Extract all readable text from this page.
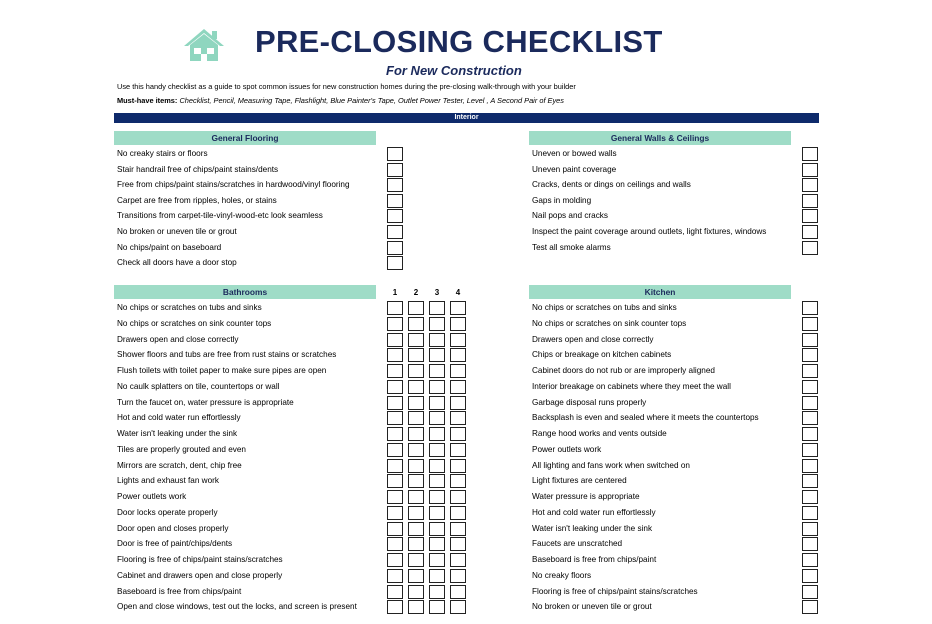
PRE-CLOSING CHECKLIST
For New Construction
Use this handy checklist as a guide to spot common issues for new construction homes during the pre-closing walk-through with your builder
Must-have items: Checklist, Pencil, Measuring Tape, Flashlight, Blue Painter's Tape, Outlet Power Tester, Level , A Second Pair of Eyes
Interior
General Flooring	General Walls & Ceilings
Bathrooms	Kitchen
1	2	3	4
No creaky stairs or floors
Stair handrail free of chips/paint stains/dents
Free from chips/paint stains/scratches in hardwood/vinyl flooring
Carpet are free from ripples, holes, or stains
Transitions from carpet-tile-vinyl-wood-etc look seamless
No broken or uneven tile or grout
No chips/paint on baseboard
Check all doors have a door stop
Uneven or bowed walls
Uneven paint coverage
Cracks, dents or dings on ceilings and walls
Gaps in molding
Nail pops and cracks
Inspect the paint coverage around outlets, light fixtures, windows
Test all smoke alarms
No chips or scratches on tubs and sinks
No chips or scratches on sink counter tops
Drawers open and close correctly
Shower floors and tubs are free from rust stains or scratches
Flush toilets with toilet paper to make sure pipes are open
No caulk splatters on tile, countertops or wall
Turn the faucet on, water pressure is appropriate
Hot and cold water run effortlessly
Water isn't leaking under the sink
Tiles are properly grouted and even
Mirrors are scratch, dent, chip free
Lights and exhaust fan work
Power outlets work
Door locks operate properly
Door open and closes properly
Door is free of paint/chips/dents
Flooring is free of chips/paint stains/scratches
Cabinet and drawers open and close properly
Baseboard is free from chips/paint
Open and close windows, test out the locks, and screen is present
No chips or scratches on tubs and sinks
No chips or scratches on sink counter tops
Drawers open and close correctly
Chips or breakage on kitchen cabinets
Cabinet doors do not rub or are improperly aligned
Interior breakage on cabinets where they meet the wall
Garbage disposal runs properly
Backsplash is even and sealed where it meets the countertops
Range hood works and vents outside
Power outlets work
All lighting and fans work when switched on
Light fixtures are centered
Water pressure is appropriate
Hot and cold water run effortlessly
Water isn't leaking under the sink
Faucets are unscratched
Baseboard is free from chips/paint
No creaky floors
Flooring is free of chips/paint stains/scratches
No broken or uneven tile or grout
